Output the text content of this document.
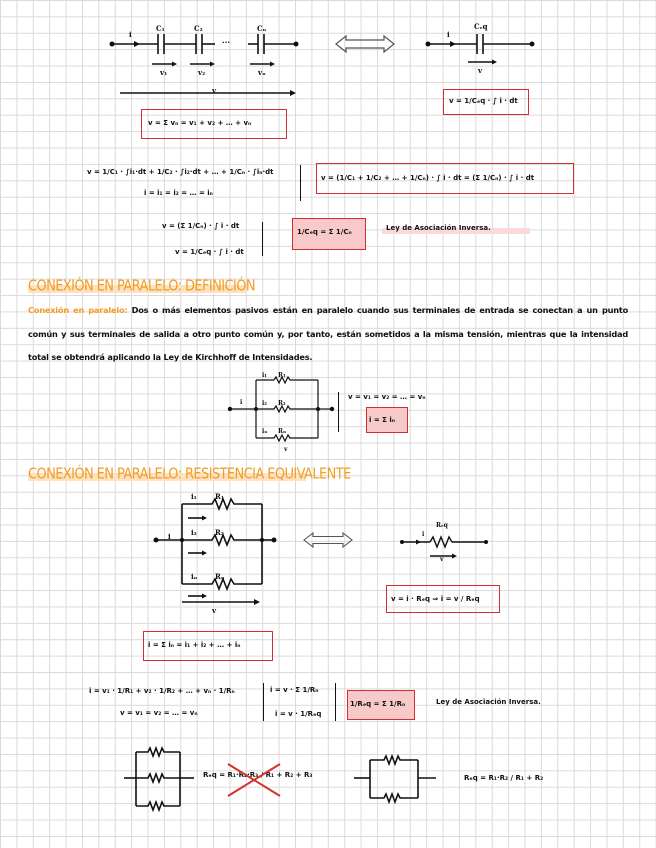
i
C₁	C₂	Cₙ
···
v₁	v₂	vₙ
v
i
Cₑq
v
v = 1/Cₑq · ∫ i · dt
v = Σ vₙ = v₁ + v₂ + … + vₙ
v = 1/C₁ · ∫i₁·dt + 1/C₂ · ∫i₂·dt + … + 1/Cₙ · ∫iₙ·dt
i = i₁ = i₂ = … = iₙ
v = (1/C₁ + 1/C₂ + … + 1/Cₙ) · ∫ i · dt = (Σ 1/Cₙ) · ∫ i · dt
v = (Σ 1/Cₙ) · ∫ i · dt
v = 1/Cₑq · ∫ i · dt
1/Cₑq = Σ 1/Cₙ	Ley de Asociación Inversa.
CONEXIÓN EN PARALELO: DEFINICIÓN
Conexión en paralelo: Dos o más elementos pasivos están en paralelo cuando sus terminales de entrada se conectan a un punto común y sus terminales de salida a otro punto común y, por tanto, están sometidos a la misma tensión, mientras que la intensidad total se obtendrá aplicando la Ley de Kirchhoff de Intensidades.
i₁ R₁
i₂ R₂
iₙ Rₙ
i
v
v = v₁ = v₂ = … = vₙ
i = Σ iₙ
CONEXIÓN EN PARALELO: RESISTENCIA EQUIVALENTE
i₁	R₁
i₂	R₂
iₙ	Rₙ
i
v
i
Rₑq
v
v = i · Rₑq ⇒ i = v / Rₑq
i = Σ iₙ = i₁ + i₂ + … + iₙ
i = v₁ · 1/R₁ + v₂ · 1/R₂ + … + vₙ · 1/Rₙ
v = v₁ = v₂ = … = vₙ
i = v · Σ 1/Rₙ
i = v · 1/Rₑq
1/Rₑq = Σ 1/Rₙ	Ley de Asociación Inversa.
Rₑq = R₁·R₂·R₃ / R₁ + R₂ + R₃	Rₑq = R₁·R₂ / R₁ + R₂
